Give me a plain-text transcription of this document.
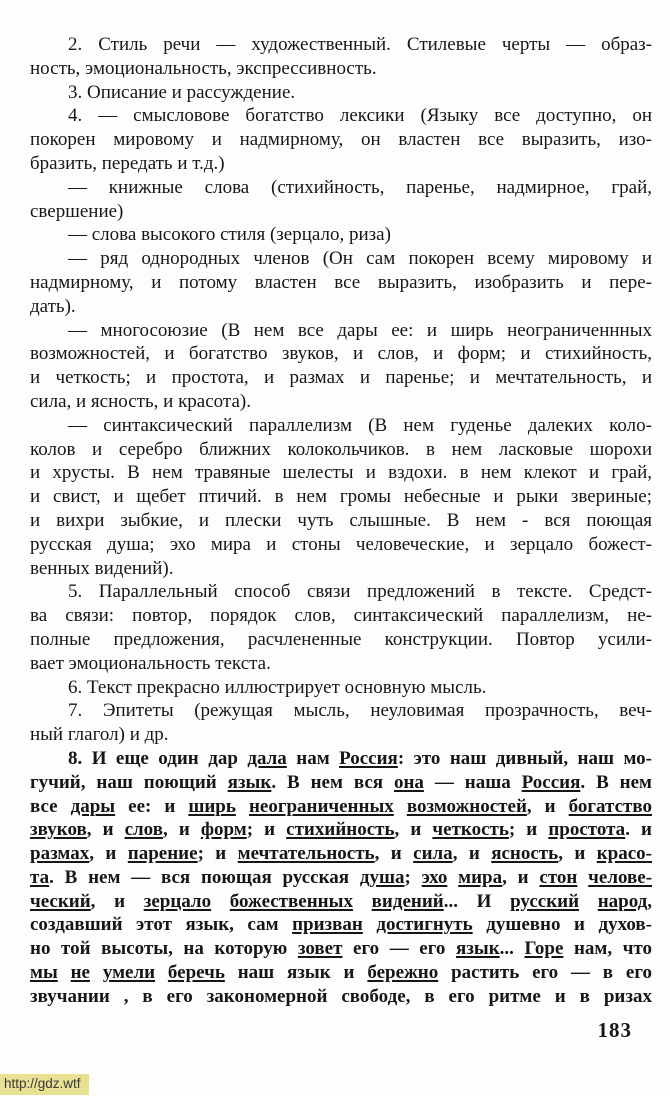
2. Стиль речи — художественный. Стилевые черты — образ-
ность, эмоциональность, экспрессивность.
3. Описание и рассуждение.
4. — смысловове богатство лексики (Языку все доступно, он
покорен мировому и надмирному, он властен все выразить, изо-
бразить, передать и т.д.)
— книжные слова (стихийность, паренье, надмирное, грай,
свершение)
— слова высокого стиля (зерцало, риза)
— ряд однородных членов (Он сам покорен всему мировому и
надмирному, и потому властен все выразить, изобразить и пере-
дать).
— многосоюзие (В нем все дары ее: и ширь неограниченнных
возможностей, и богатство звуков, и слов, и форм; и стихийность,
и четкость; и простота, и размах и паренье; и мечтательность, и
сила, и ясность, и красота).
— синтаксический параллелизм (В нем гуденье далеких коло-
колов и серебро ближних колокольчиков. в нем ласковые шорохи
и хрусты. В нем травяные шелесты и вздохи. в нем клекот и грай,
и свист, и щебет птичий. в нем громы небесные и рыки звериные;
и вихри зыбкие, и плески чуть слышные. В нем - вся поющая
русская душа; эхо мира и стоны человеческие, и зерцало божест-
венных видений).
5. Параллельный способ связи предложений в тексте. Средст-
ва связи: повтор, порядок слов, синтаксический параллелизм, не-
полные предложения, расчлененные конструкции. Повтор усили-
вает эмоциональность текста.
6. Текст прекрасно иллюстрирует основную мысль.
7. Эпитеты (режущая мысль, неуловимая прозрачность, веч-
ный глагол) и др.
8. И еще один дар дала нам Россия: это наш дивный, наш мо-
гучий, наш поющий язык. В нем вся она — наша Россия. В нем
все дары ее: и ширь неограниченных возможностей, и богатство
звуков, и слов, и форм; и стихийность, и четкость; и простота. и
размах, и парение; и мечтательность, и сила, и ясность, и красо-
та. В нем — вся поющая русская душа; эхо мира, и стон челове-
ческий, и зерцало божественных видений... И русский народ,
создавший этот язык, сам призван достигнуть душевно и духов-
но той высоты, на которую зовет его — его язык... Горе нам, что
мы не умели беречь наш язык и бережно растить его — в его
звучании , в его закономерной свободе, в его ритме и в ризах
183
http://gdz.wtf
